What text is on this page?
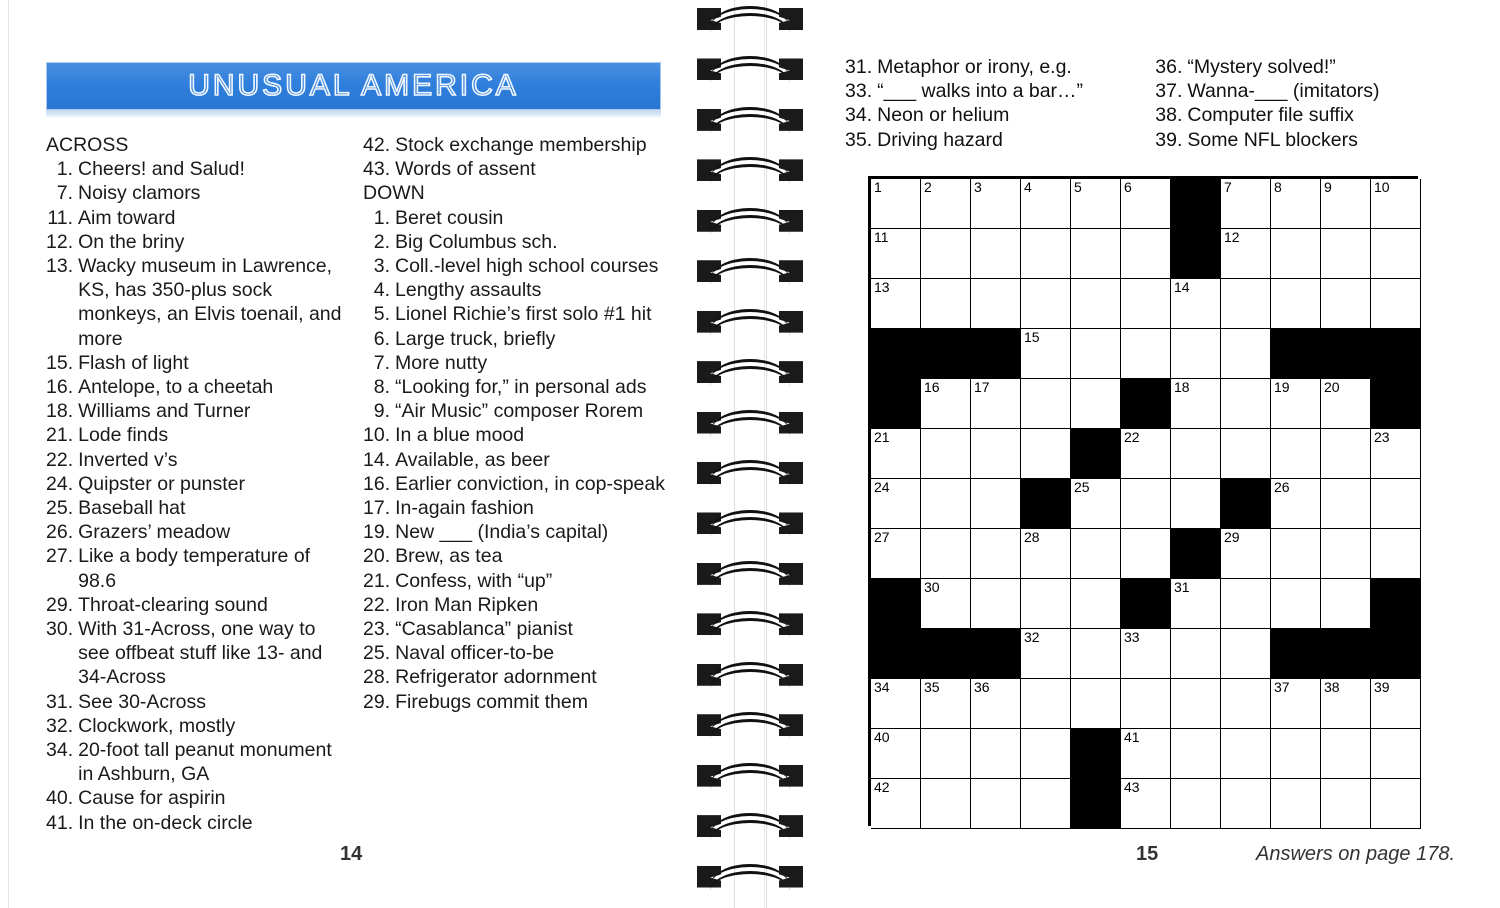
UNUSUAL AMERICA
ACROSS
1. Cheers! and Salud!
7. Noisy clamors
11. Aim toward
12. On the briny
13. Wacky museum in Lawrence, KS, has 350-plus sock monkeys, an Elvis toenail, and more
15. Flash of light
16. Antelope, to a cheetah
18. Williams and Turner
21. Lode finds
22. Inverted v’s
24. Quipster or punster
25. Baseball hat
26. Grazers’ meadow
27. Like a body temperature of 98.6
29. Throat-clearing sound
30. With 31-Across, one way to see offbeat stuff like 13- and 34-Across
31. See 30-Across
32. Clockwork, mostly
34. 20-foot tall peanut monument in Ashburn, GA
40. Cause for aspirin
41. In the on-deck circle
42. Stock exchange membership
43. Words of assent
DOWN
1. Beret cousin
2. Big Columbus sch.
3. Coll.-level high school courses
4. Lengthy assaults
5. Lionel Richie’s first solo #1 hit
6. Large truck, briefly
7. More nutty
8. “Looking for,” in personal ads
9. “Air Music” composer Rorem
10. In a blue mood
14. Available, as beer
16. Earlier conviction, in cop-speak
17. In-again fashion
19. New ___ (India’s capital)
20. Brew, as tea
21. Confess, with “up”
22. Iron Man Ripken
23. “Casablanca” pianist
25. Naval officer-to-be
28. Refrigerator adornment
29. Firebugs commit them
31. Metaphor or irony, e.g.
33. “___ walks into a bar…”
34. Neon or helium
35. Driving hazard
36. “Mystery solved!”
37. Wanna-___ (imitators)
38. Computer file suffix
39. Some NFL blockers
1	2	3	4	5	6	7	8	9	10
11	12
13	14
15
16 17	18	19 20
21	22	23
24	25	26
27	28	29
30	31
32	33
34 35 36	37 38 39
40	41
42	43
14	15	Answers on page 178.
